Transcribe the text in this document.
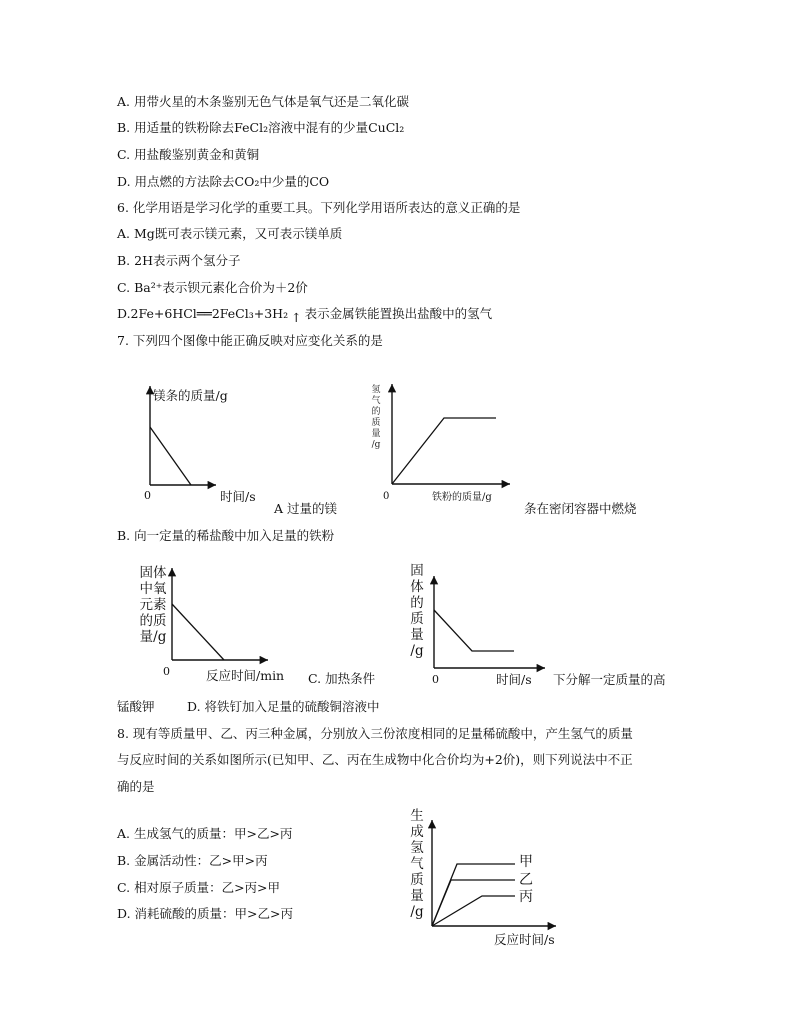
A. 用带火星的木条鉴别无色气体是氧气还是二氧化碳
B. 用适量的铁粉除去FeCl₂溶液中混有的少量CuCl₂
C. 用盐酸鉴别黄金和黄铜
D. 用点燃的方法除去CO₂中少量的CO
6. 化学用语是学习化学的重要工具。下列化学用语所表达的意义正确的是
A. Mg既可表示镁元素，又可表示镁单质
B. 2H表示两个氢分子
C. Ba²⁺表示钡元素化合价为＋2价
D.2Fe+6HCl══2FeCl₃+3H₂ ↑ 表示金属铁能置换出盐酸中的氢气
7. 下列四个图像中能正确反映对应变化关系的是
镁条的质量/g
0	时间/s
氢
气
的
质
量
/g
0	铁粉的质量/g
A 过量的镁	条在密闭容器中燃烧
B. 向一定量的稀盐酸中加入足量的铁粉
固体
中氧
元素
的质
量/g
0	反应时间/min C. 加热条件
固
体
的
质
量
/g
0	时间/s 下分解一定质量的高
锰酸钾	D. 将铁钉加入足量的硫酸铜溶液中
8. 现有等质量甲、乙、丙三种金属，分别放入三份浓度相同的足量稀硫酸中，产生氢气的质量
与反应时间的关系如图所示(已知甲、乙、丙在生成物中化合价均为+2价)，则下列说法中不正
确的是
A. 生成氢气的质量：甲>乙>丙
B. 金属活动性：乙>甲>丙
C. 相对原子质量：乙>丙>甲
D. 消耗硫酸的质量：甲>乙>丙
生
成
氢
气
质
量
/g
甲
乙
丙
反应时间/s
